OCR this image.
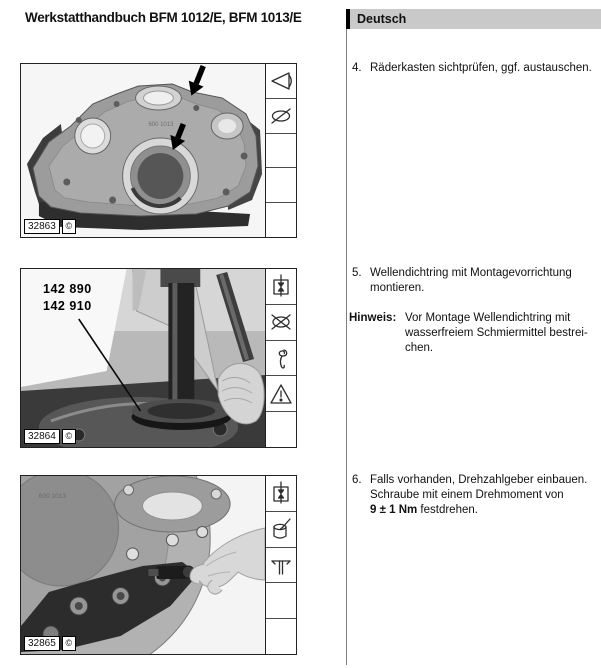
Werkstatthandbuch BFM 1012/E, BFM 1013/E	Deutsch
600 1013
32863	©
142 890
142 910
32864	©
600 1013
32865	©
4. Räderkasten sichtprüfen, ggf. austauschen.
5. Wellendichtring mit Montagevorrichtung
montieren.
Hinweis: Vor Montage Wellendichtring mit
wasserfreiem Schmiermittel bestrei-
chen.
6. Falls vorhanden, Drehzahlgeber einbauen.
Schraube mit einem Drehmoment von
9 ± 1 Nm festdrehen.
